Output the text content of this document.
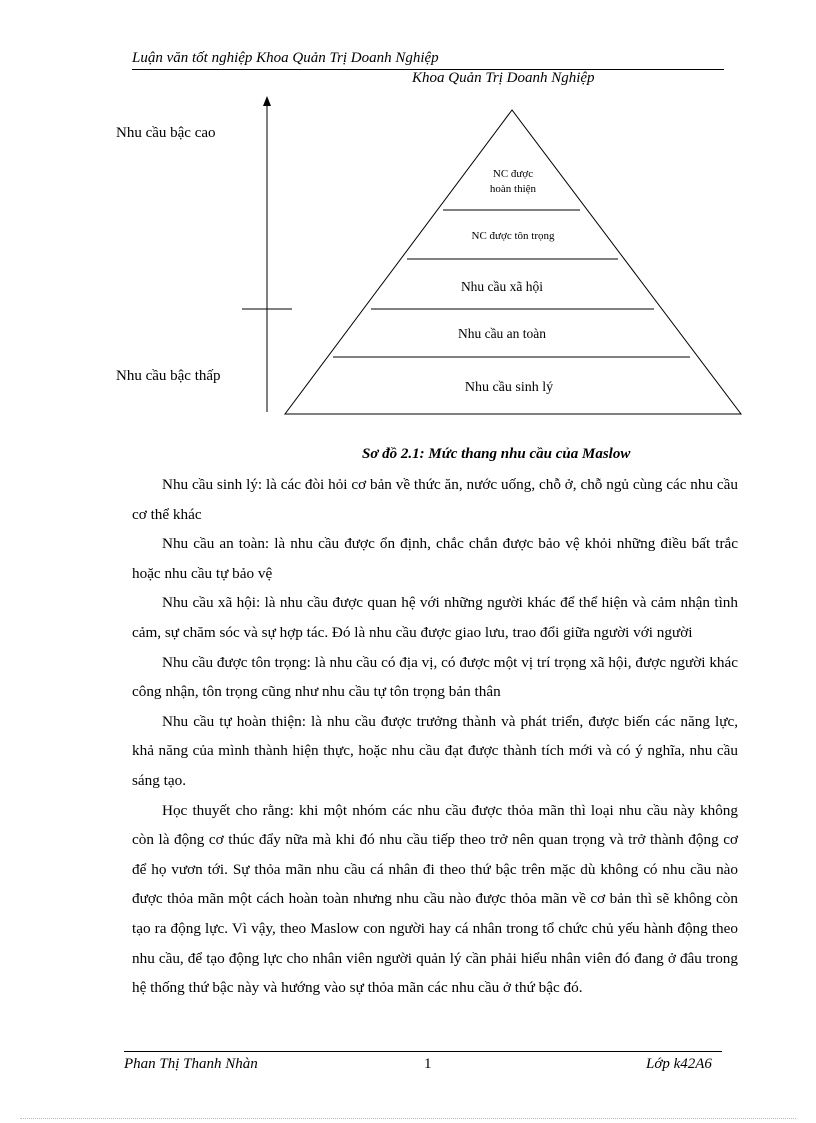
Luận văn tốt nghiệp Khoa Quản Trị Doanh Nghiệp
Khoa Quản Trị Doanh Nghiệp
Nhu cầu bậc cao
Nhu cầu bậc thấp
NC được
hoàn thiện
NC được tôn trọng
Nhu cầu xã hội
Nhu cầu an toàn
Nhu cầu sinh lý
Sơ đồ 2.1: Mức thang nhu cầu của Maslow

Nhu cầu sinh lý: là các đòi hỏi cơ bản về thức ăn, nước uống, chỗ ở, chỗ ngủ cùng các nhu cầu cơ thể khác

Nhu cầu an toàn: là nhu cầu được ổn định, chắc chắn được bảo vệ khỏi những điều bất trắc hoặc nhu cầu tự bảo vệ

Nhu cầu xã hội: là nhu cầu được quan hệ với những người khác để thể hiện và cảm nhận tình cảm, sự chăm sóc và sự hợp tác. Đó là nhu cầu được giao lưu, trao đổi giữa người với người

Nhu cầu được tôn trọng: là nhu cầu có địa vị, có được một vị trí trọng xã hội, được người khác công nhận, tôn trọng cũng như nhu cầu tự tôn trọng bản thân

Nhu cầu tự hoàn thiện: là nhu cầu được trưởng thành và phát triển, được biến các năng lực, khả năng của mình thành hiện thực, hoặc nhu cầu đạt được thành tích mới và có ý nghĩa, nhu cầu sáng tạo.

Học thuyết cho rằng: khi một nhóm các nhu cầu được thỏa mãn thì loại nhu cầu này không còn là động cơ thúc đẩy nữa mà khi đó nhu cầu tiếp theo trở nên quan trọng và trở thành động cơ để họ vươn tới. Sự thỏa mãn nhu cầu cá nhân đi theo thứ bậc trên mặc dù không có nhu cầu nào được thỏa mãn một cách hoàn toàn nhưng nhu cầu nào được thỏa mãn về cơ bản thì sẽ không còn tạo ra động lực. Vì vậy, theo Maslow con người hay cá nhân trong tổ chức chủ yếu hành động theo nhu cầu, để tạo động lực cho nhân viên người quản lý cần phải hiểu nhân viên đó đang ở đâu trong hệ thống thứ bậc này và hướng vào sự thỏa mãn các nhu cầu ở thứ bậc đó.

Phan Thị Thanh Nhàn	1	Lớp k42A6
